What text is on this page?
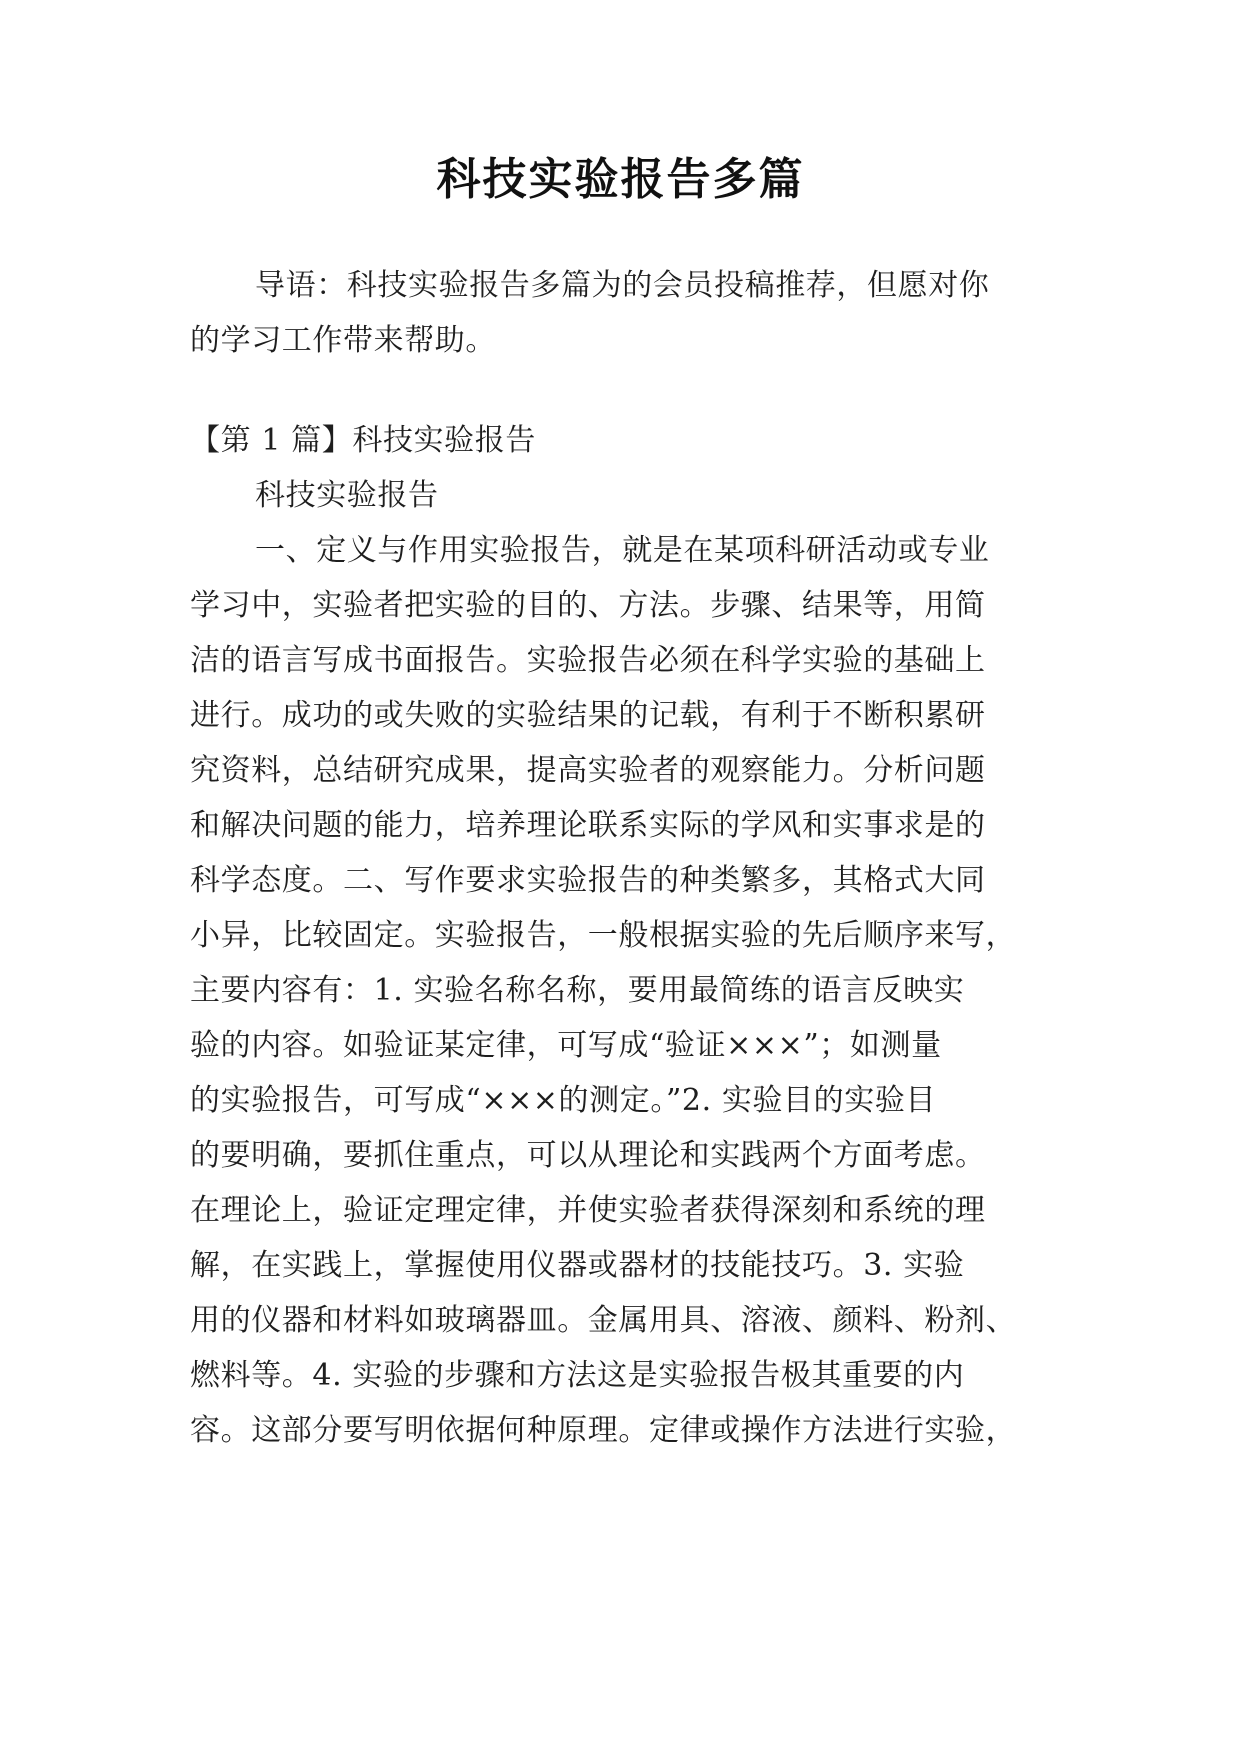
科技实验报告多篇
导语：科技实验报告多篇为的会员投稿推荐，但愿对你
的学习工作带来帮助。
【第 1 篇】科技实验报告
科技实验报告
一、定义与作用实验报告，就是在某项科研活动或专业
学习中，实验者把实验的目的、方法。步骤、结果等，用简
洁的语言写成书面报告。实验报告必须在科学实验的基础上
进行。成功的或失败的实验结果的记载，有利于不断积累研
究资料，总结研究成果，提高实验者的观察能力。分析问题
和解决问题的能力，培养理论联系实际的学风和实事求是的
科学态度。二、写作要求实验报告的种类繁多，其格式大同
小异，比较固定。实验报告，一般根据实验的先后顺序来写，
主要内容有：1. 实验名称名称，要用最简练的语言反映实
验的内容。如验证某定律，可写成“验证×××”；如测量
的实验报告，可写成“×××的测定。”2. 实验目的实验目
的要明确，要抓住重点，可以从理论和实践两个方面考虑。
在理论上，验证定理定律，并使实验者获得深刻和系统的理
解，在实践上，掌握使用仪器或器材的技能技巧。3. 实验
用的仪器和材料如玻璃器皿。金属用具、溶液、颜料、粉剂、
燃料等。4. 实验的步骤和方法这是实验报告极其重要的内
容。这部分要写明依据何种原理。定律或操作方法进行实验，
